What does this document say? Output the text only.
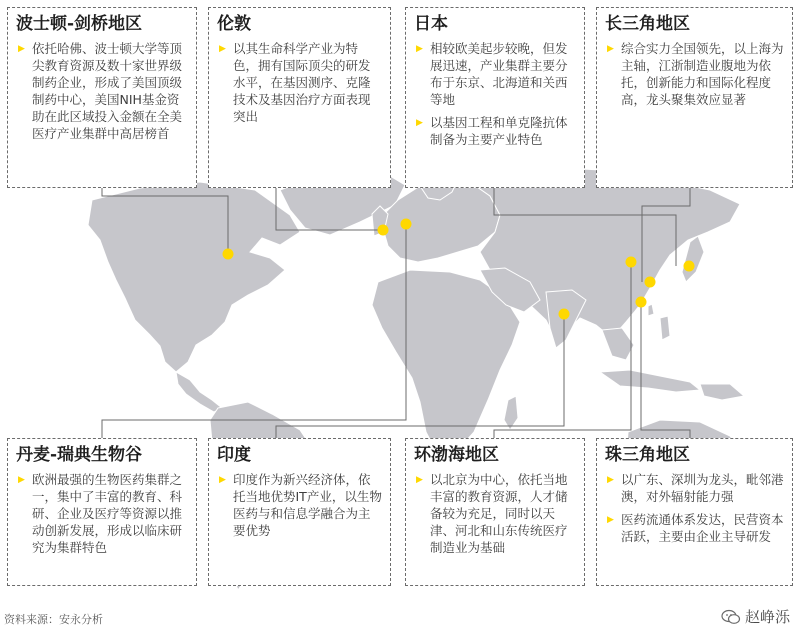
波士顿-剑桥地区
▶ 依托哈佛、波士顿大学等顶尖教育资源及数十家世界级制药企业，形成了美国顶级制药中心，美国NIH基金资助在此区域投入金额在全美医疗产业集群中高居榜首
伦敦
▶ 以其生命科学产业为特色，拥有国际顶尖的研发水平，在基因测序、克隆技术及基因治疗方面表现突出
日本
▶ 相较欧美起步较晚，但发展迅速，产业集群主要分布于东京、北海道和关西等地
▶ 以基因工程和单克隆抗体制备为主要产业特色
长三角地区
▶ 综合实力全国领先，以上海为主轴，江浙制造业腹地为依托，创新能力和国际化程度高，龙头聚集效应显著
丹麦-瑞典生物谷
▶ 欧洲最强的生物医药集群之一，集中了丰富的教育、科研、企业及医疗等资源以推动创新发展，形成以临床研究为集群特色
印度
▶ 印度作为新兴经济体，依托当地优势IT产业，以生物医药与和信息学融合为主要优势
环渤海地区
▶ 以北京为中心，依托当地丰富的教育资源，人才储备较为充足，同时以天津、河北和山东传统医疗制造业为基础
珠三角地区
▶ 以广东、深圳为龙头，毗邻港澳，对外辐射能力强
▶ 医药流通体系发达，民营资本活跃，主要由企业主导研发
资料来源：安永分析	赵峥泺
